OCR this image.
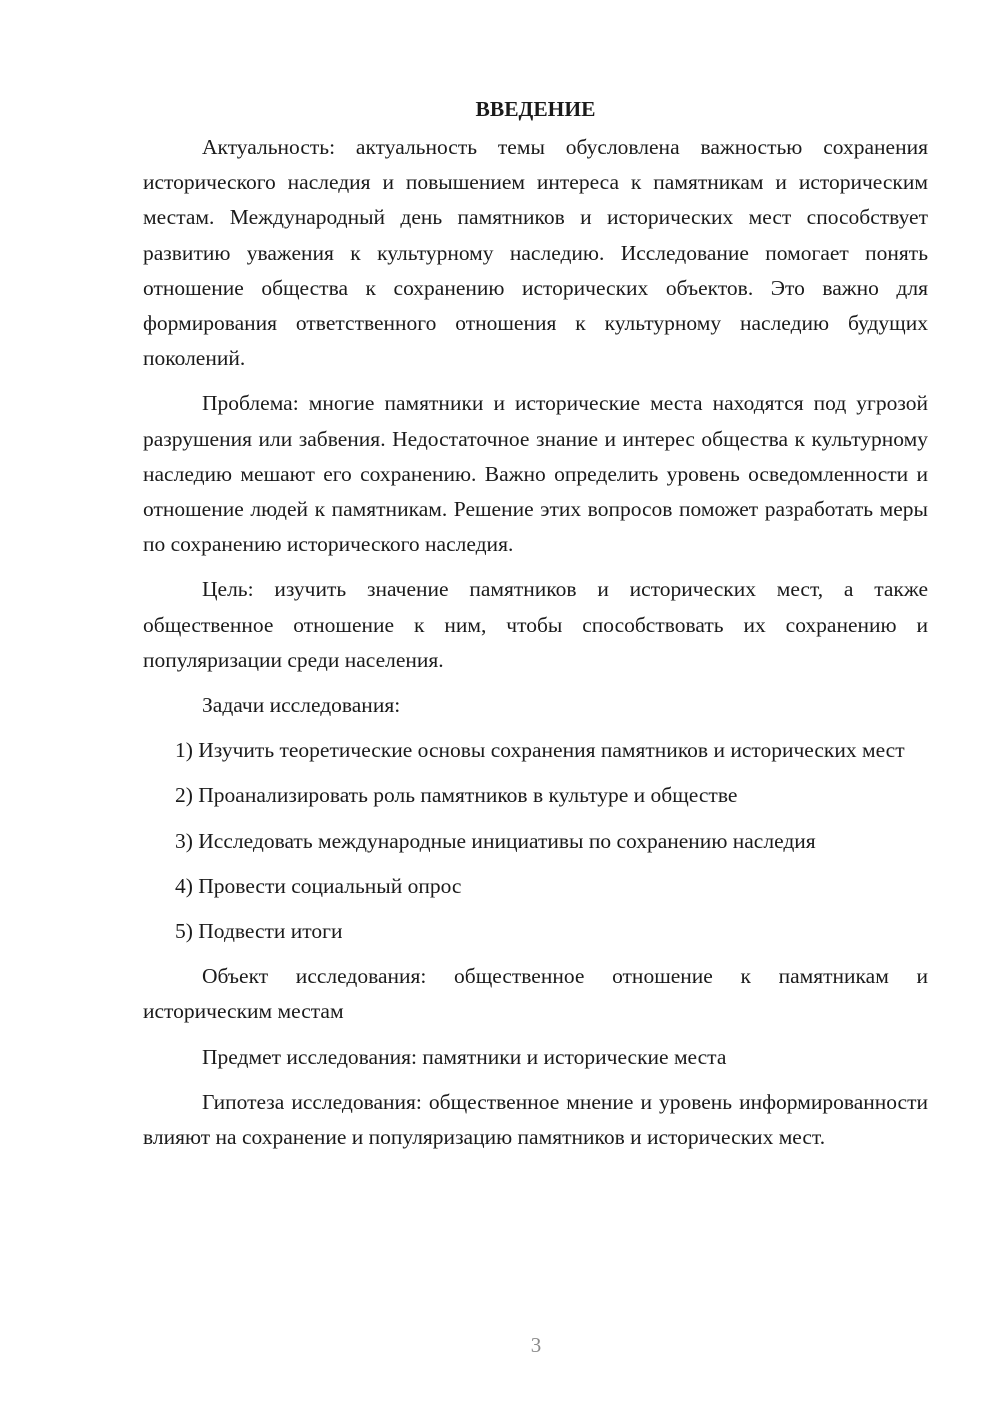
ВВЕДЕНИЕ

Актуальность: актуальность темы обусловлена важностью сохранения исторического наследия и повышением интереса к памятникам и историческим местам. Международный день памятников и исторических мест способствует развитию уважения к культурному наследию. Исследование помогает понять отношение общества к сохранению исторических объектов. Это важно для формирования ответственного отношения к культурному наследию будущих поколений.

Проблема: многие памятники и исторические места находятся под угрозой разрушения или забвения. Недостаточное знание и интерес общества к культурному наследию мешают его сохранению. Важно определить уровень осведомленности и отношение людей к памятникам. Решение этих вопросов поможет разработать меры по сохранению исторического наследия.

Цель: изучить значение памятников и исторических мест, а также общественное отношение к ним, чтобы способствовать их сохранению и популяризации среди населения.

Задачи исследования:

1) Изучить теоретические основы сохранения памятников и исторических мест

2) Проанализировать роль памятников в культуре и обществе

3) Исследовать международные инициативы по сохранению наследия

4) Провести социальный опрос

5) Подвести итоги

Объект исследования: общественное отношение к памятникам и историческим местам

Предмет исследования: памятники и исторические места

Гипотеза исследования: общественное мнение и уровень информированности влияют на сохранение и популяризацию памятников и исторических мест.

3
